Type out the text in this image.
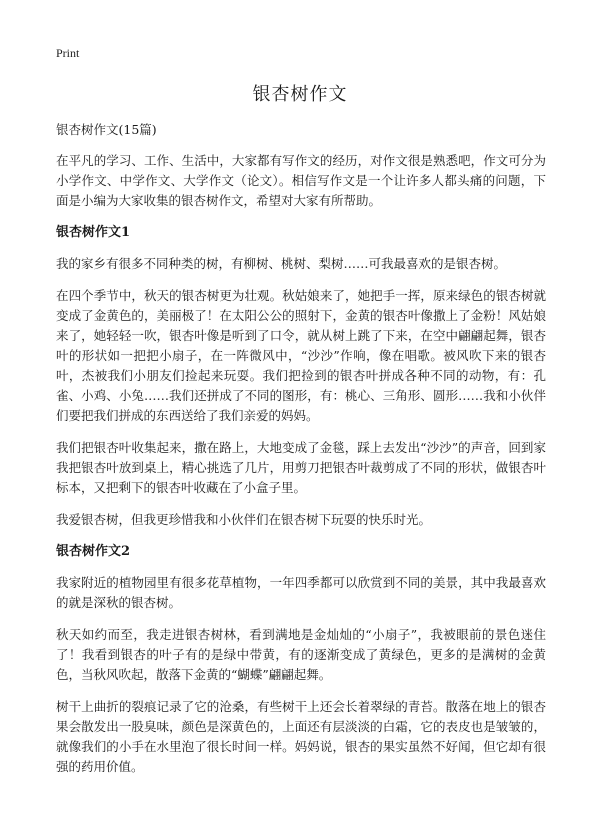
Print
银杏树作文

银杏树作文(15篇)

在平凡的学习、工作、生活中，大家都有写作文的经历，对作文很是熟悉吧，作文可分为小学作文、中学作文、大学作文（论文）。相信写作文是一个让许多人都头痛的问题，下面是小编为大家收集的银杏树作文，希望对大家有所帮助。

银杏树作文1

我的家乡有很多不同种类的树，有柳树、桃树、梨树……可我最喜欢的是银杏树。

在四个季节中，秋天的银杏树更为壮观。秋姑娘来了，她把手一挥，原来绿色的银杏树就变成了金黄色的，美丽极了！在太阳公公的照射下，金黄的银杏叶像撒上了金粉！风姑娘来了，她轻轻一吹，银杏叶像是听到了口令，就从树上跳了下来，在空中翩翩起舞，银杏叶的形状如一把把小扇子，在一阵微风中，“沙沙”作响，像在唱歌。被风吹下来的银杏叶，杰被我们小朋友们捡起来玩耍。我们把捡到的银杏叶拼成各种不同的动物，有：孔雀、小鸡、小兔……我们还拼成了不同的图形，有：桃心、三角形、圆形……我和小伙伴们要把我们拼成的东西送给了我们亲爱的妈妈。

我们把银杏叶收集起来，撒在路上，大地变成了金毯，踩上去发出“沙沙”的声音，回到家我把银杏叶放到桌上，精心挑选了几片，用剪刀把银杏叶裁剪成了不同的形状，做银杏叶标本，又把剩下的银杏叶收藏在了小盒子里。

我爱银杏树，但我更珍惜我和小伙伴们在银杏树下玩耍的快乐时光。

银杏树作文2

我家附近的植物园里有很多花草植物，一年四季都可以欣赏到不同的美景，其中我最喜欢的就是深秋的银杏树。

秋天如约而至，我走进银杏树林，看到满地是金灿灿的“小扇子”，我被眼前的景色迷住了！我看到银杏的叶子有的是绿中带黄，有的逐渐变成了黄绿色，更多的是满树的金黄色，当秋风吹起，散落下金黄的“蝴蝶”翩翩起舞。

树干上曲折的裂痕记录了它的沧桑，有些树干上还会长着翠绿的青苔。散落在地上的银杏果会散发出一股臭味，颜色是深黄色的，上面还有层淡淡的白霜，它的表皮也是皱皱的，就像我们的小手在水里泡了很长时间一样。妈妈说，银杏的果实虽然不好闻，但它却有很强的药用价值。
